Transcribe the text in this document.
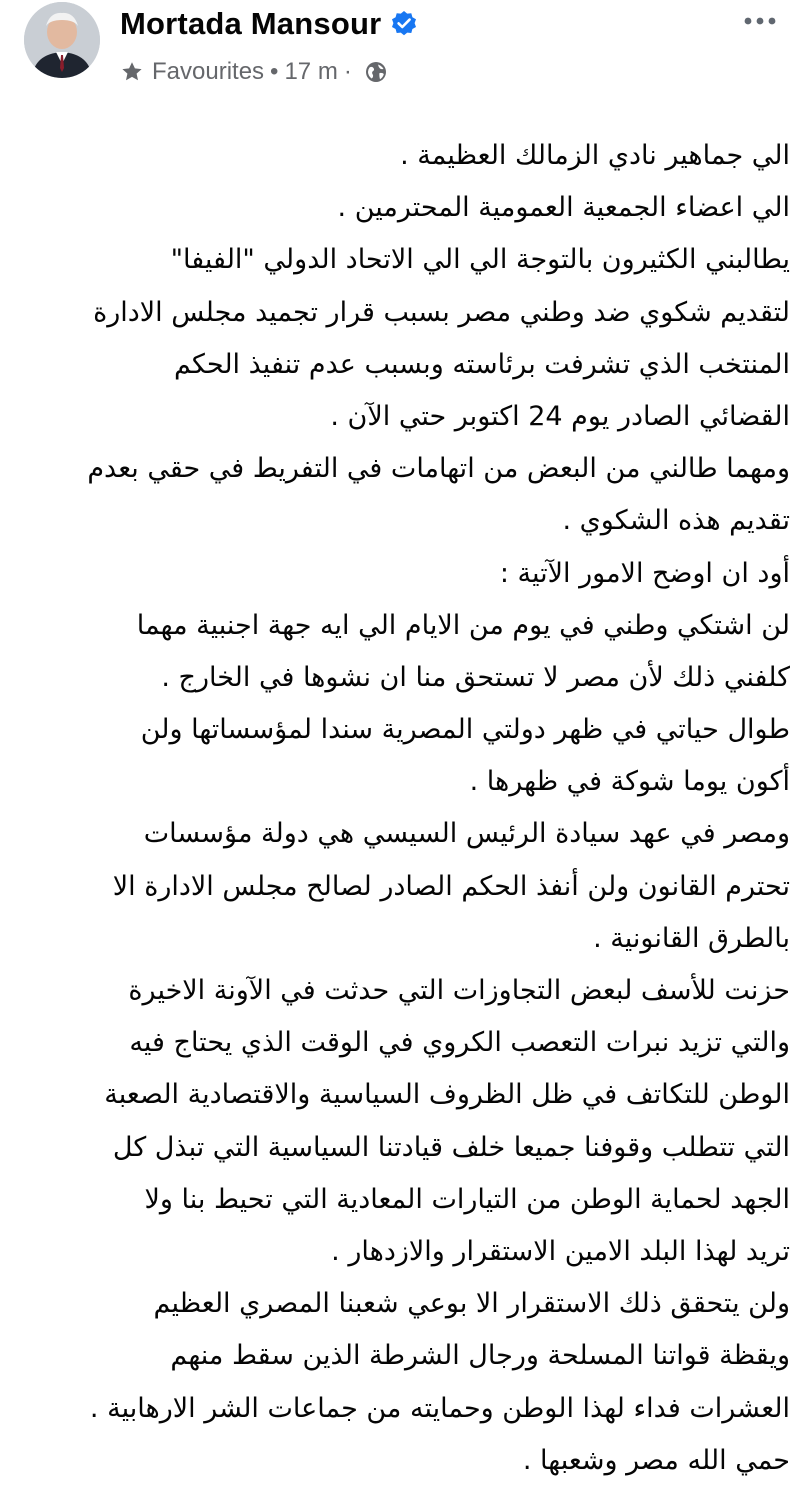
Mortada Mansour
Favourites • 17 m ·
الي جماهير نادي الزمالك العظيمة .
الي اعضاء الجمعية العمومية المحترمين .
يطالبني الكثيرون بالتوجة الي الي الاتحاد الدولي "الفيفا"
لتقديم شكوي ضد وطني مصر بسبب قرار تجميد مجلس الادارة
المنتخب الذي تشرفت برئاسته وبسبب عدم تنفيذ الحكم
القضائي الصادر يوم 24 اكتوبر حتي الآن .
ومهما طالني من البعض من اتهامات في التفريط في حقي بعدم
تقديم هذه الشكوي .
أود ان اوضح الامور الآتية :
لن اشتكي وطني في يوم من الايام الي ايه جهة اجنبية مهما
كلفني ذلك لأن مصر لا تستحق منا ان نشوها في الخارج .
طوال حياتي في ظهر دولتي المصرية سندا لمؤسساتها ولن
أكون يوما شوكة في ظهرها .
ومصر في عهد سيادة الرئيس السيسي هي دولة مؤسسات
تحترم القانون ولن أنفذ الحكم الصادر لصالح مجلس الادارة الا
بالطرق القانونية .
حزنت للأسف لبعض التجاوزات التي حدثت في الآونة الاخيرة
والتي تزيد نبرات التعصب الكروي في الوقت الذي يحتاج فيه
الوطن للتكاتف في ظل الظروف السياسية والاقتصادية الصعبة
التي تتطلب وقوفنا جميعا خلف قيادتنا السياسية التي تبذل كل
الجهد لحماية الوطن من التيارات المعادية التي تحيط بنا ولا
تريد لهذا البلد الامين الاستقرار والازدهار .
ولن يتحقق ذلك الاستقرار الا بوعي شعبنا المصري العظيم
ويقظة قواتنا المسلحة ورجال الشرطة الذين سقط منهم
العشرات فداء لهذا الوطن وحمايته من جماعات الشر الارهابية .
حمي الله مصر وشعبها .
